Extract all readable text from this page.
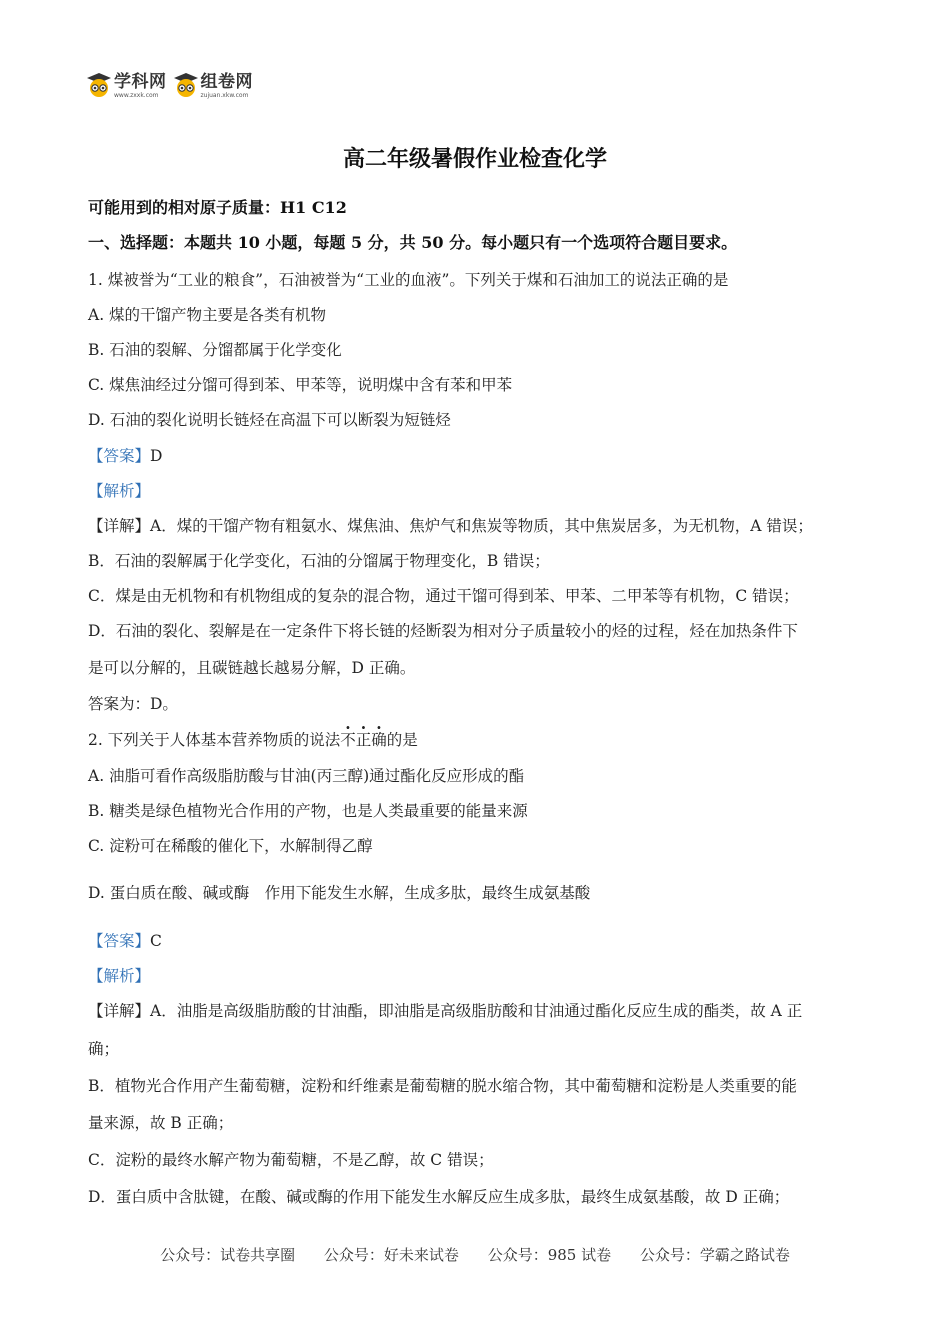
学科网
www.zxxk.com
组卷网
zujuan.xkw.com
高二年级暑假作业检查化学
可能用到的相对原子质量：H1 C12
一、选择题：本题共 10 小题，每题 5 分，共 50 分。每小题只有一个选项符合题目要求。
1. 煤被誉为“工业的粮食”，石油被誉为“工业的血液”。下列关于煤和石油加工的说法正确的是
A. 煤的干馏产物主要是各类有机物
B. 石油的裂解、分馏都属于化学变化
C. 煤焦油经过分馏可得到苯、甲苯等，说明煤中含有苯和甲苯
D. 石油的裂化说明长链烃在高温下可以断裂为短链烃
【答案】D
【解析】
【详解】A．煤的干馏产物有粗氨水、煤焦油、焦炉气和焦炭等物质，其中焦炭居多，为无机物，A 错误；
B．石油的裂解属于化学变化，石油的分馏属于物理变化，B 错误；
C．煤是由无机物和有机物组成的复杂的混合物，通过干馏可得到苯、甲苯、二甲苯等有机物，C 错误；
D．石油的裂化、裂解是在一定条件下将长链的烃断裂为相对分子质量较小的烃的过程，烃在加热条件下
是可以分解的，且碳链越长越易分解，D 正确。
答案为：D。
2. 下列关于人体基本营养物质的说法不正确的是
A. 油脂可看作高级脂肪酸与甘油(丙三醇)通过酯化反应形成的酯
B. 糖类是绿色植物光合作用的产物，也是人类最重要的能量来源
C. 淀粉可在稀酸的催化下，水解制得乙醇
D. 蛋白质在酸、碱或酶　作用下能发生水解，生成多肽，最终生成氨基酸
【答案】C
【解析】
【详解】A．油脂是高级脂肪酸的甘油酯，即油脂是高级脂肪酸和甘油通过酯化反应生成的酯类，故 A 正
确；
B．植物光合作用产生葡萄糖，淀粉和纤维素是葡萄糖的脱水缩合物，其中葡萄糖和淀粉是人类重要的能
量来源，故 B 正确；
C．淀粉的最终水解产物为葡萄糖，不是乙醇，故 C 错误；
D．蛋白质中含肽键，在酸、碱或酶的作用下能发生水解反应生成多肽，最终生成氨基酸，故 D 正确；
公众号：试卷共享圈 公众号：好未来试卷 公众号：985 试卷 公众号：学霸之路试卷
